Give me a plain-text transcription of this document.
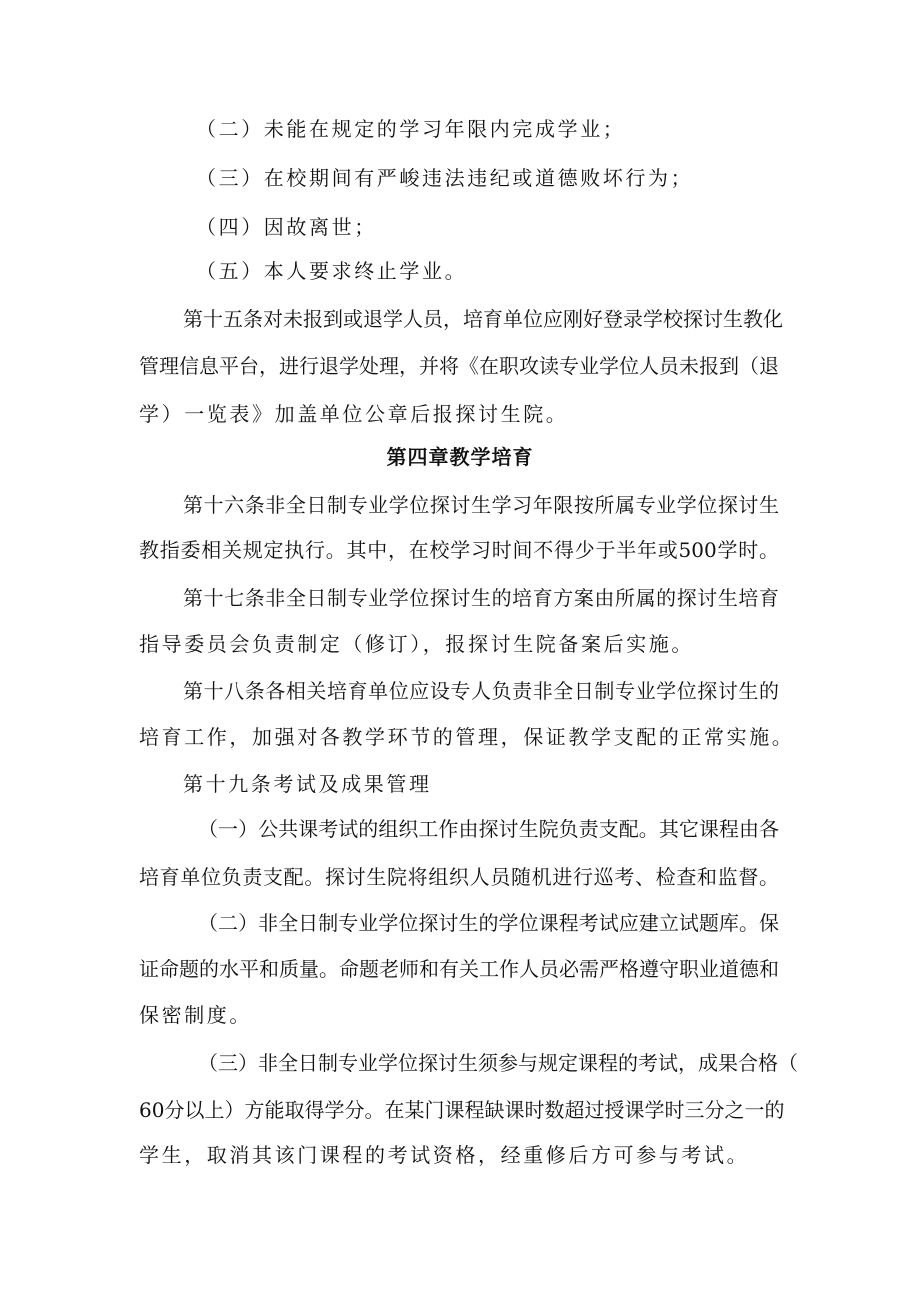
（二）未能在规定的学习年限内完成学业；
（三）在校期间有严峻违法违纪或道德败坏行为；
（四）因故离世；
（五）本人要求终止学业。
第十五条对未报到或退学人员，培育单位应刚好登录学校探讨生教化
管理信息平台，进行退学处理，并将《在职攻读专业学位人员未报到（退
学）一览表》加盖单位公章后报探讨生院。
第四章教学培育
第十六条非全日制专业学位探讨生学习年限按所属专业学位探讨生
教指委相关规定执行。其中，在校学习时间不得少于半年或500学时。
第十七条非全日制专业学位探讨生的培育方案由所属的探讨生培育
指导委员会负责制定（修订），报探讨生院备案后实施。
第十八条各相关培育单位应设专人负责非全日制专业学位探讨生的
培育工作，加强对各教学环节的管理，保证教学支配的正常实施。
第十九条考试及成果管理
（一）公共课考试的组织工作由探讨生院负责支配。其它课程由各
培育单位负责支配。探讨生院将组织人员随机进行巡考、检查和监督。
（二）非全日制专业学位探讨生的学位课程考试应建立试题库。保
证命题的水平和质量。命题老师和有关工作人员必需严格遵守职业道德和
保密制度。
（三）非全日制专业学位探讨生须参与规定课程的考试，成果合格（
60分以上）方能取得学分。在某门课程缺课时数超过授课学时三分之一的
学生，取消其该门课程的考试资格，经重修后方可参与考试。
